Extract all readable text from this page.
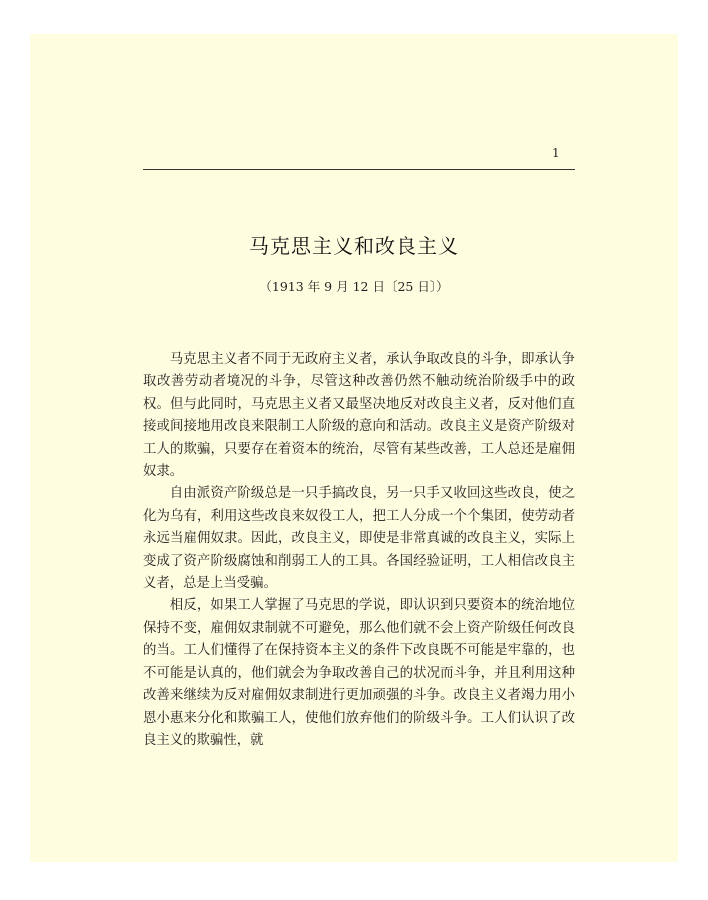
1
马克思主义和改良主义
（1913 年 9 月 12 日〔25 日〕）

马克思主义者不同于无政府主义者，承认争取改良的斗争，即承认争取改善劳动者境况的斗争，尽管这种改善仍然不触动统治阶级手中的政权。但与此同时，马克思主义者又最坚决地反对改良主义者，反对他们直接或间接地用改良来限制工人阶级的意向和活动。改良主义是资产阶级对工人的欺骗，只要存在着资本的统治，尽管有某些改善，工人总还是雇佣奴隶。

自由派资产阶级总是一只手搞改良，另一只手又收回这些改良，使之化为乌有，利用这些改良来奴役工人，把工人分成一个个集团，使劳动者永远当雇佣奴隶。因此，改良主义，即使是非常真诚的改良主义，实际上变成了资产阶级腐蚀和削弱工人的工具。各国经验证明，工人相信改良主义者，总是上当受骗。

相反，如果工人掌握了马克思的学说，即认识到只要资本的统治地位保持不变，雇佣奴隶制就不可避免，那么他们就不会上资产阶级任何改良的当。工人们懂得了在保持资本主义的条件下改良既不可能是牢靠的，也不可能是认真的，他们就会为争取改善自己的状况而斗争，并且利用这种改善来继续为反对雇佣奴隶制进行更加顽强的斗争。改良主义者竭力用小恩小惠来分化和欺骗工人，使他们放弃他们的阶级斗争。工人们认识了改良主义的欺骗性，就
